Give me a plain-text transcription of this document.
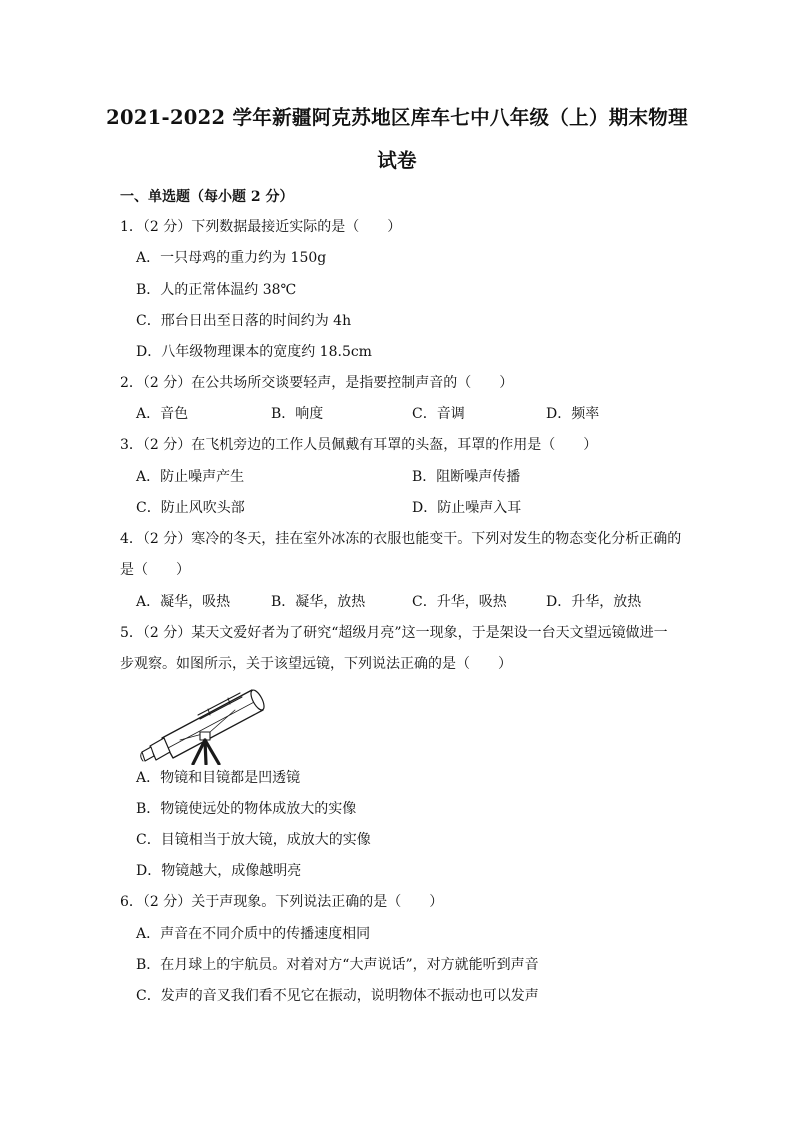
2021-2022 学年新疆阿克苏地区库车七中八年级（上）期末物理
试卷
一、单选题（每小题 2 分）
1．（2 分）下列数据最接近实际的是（　　）
A．一只母鸡的重力约为 150g
B．人的正常体温约 38℃
C．邢台日出至日落的时间约为 4h
D．八年级物理课本的宽度约 18.5cm
2．（2 分）在公共场所交谈要轻声，是指要控制声音的（　　）
A．音色	B．响度	C．音调	D．频率
3．（2 分）在飞机旁边的工作人员佩戴有耳罩的头盔，耳罩的作用是（　　）
A．防止噪声产生	B．阻断噪声传播
C．防止风吹头部	D．防止噪声入耳
4．（2 分）寒冷的冬天，挂在室外冰冻的衣服也能变干。下列对发生的物态变化分析正确的
是（　　）
A．凝华，吸热	B．凝华，放热	C．升华，吸热	D．升华，放热
5．（2 分）某天文爱好者为了研究“超级月亮”这一现象，于是架设一台天文望远镜做进一
步观察。如图所示，关于该望远镜，下列说法正确的是（　　）
A．物镜和目镜都是凹透镜
B．物镜使远处的物体成放大的实像
C．目镜相当于放大镜，成放大的实像
D．物镜越大，成像越明亮
6．（2 分）关于声现象。下列说法正确的是（　　）
A．声音在不同介质中的传播速度相同
B．在月球上的宇航员。对着对方“大声说话”，对方就能听到声音
C．发声的音叉我们看不见它在振动，说明物体不振动也可以发声
